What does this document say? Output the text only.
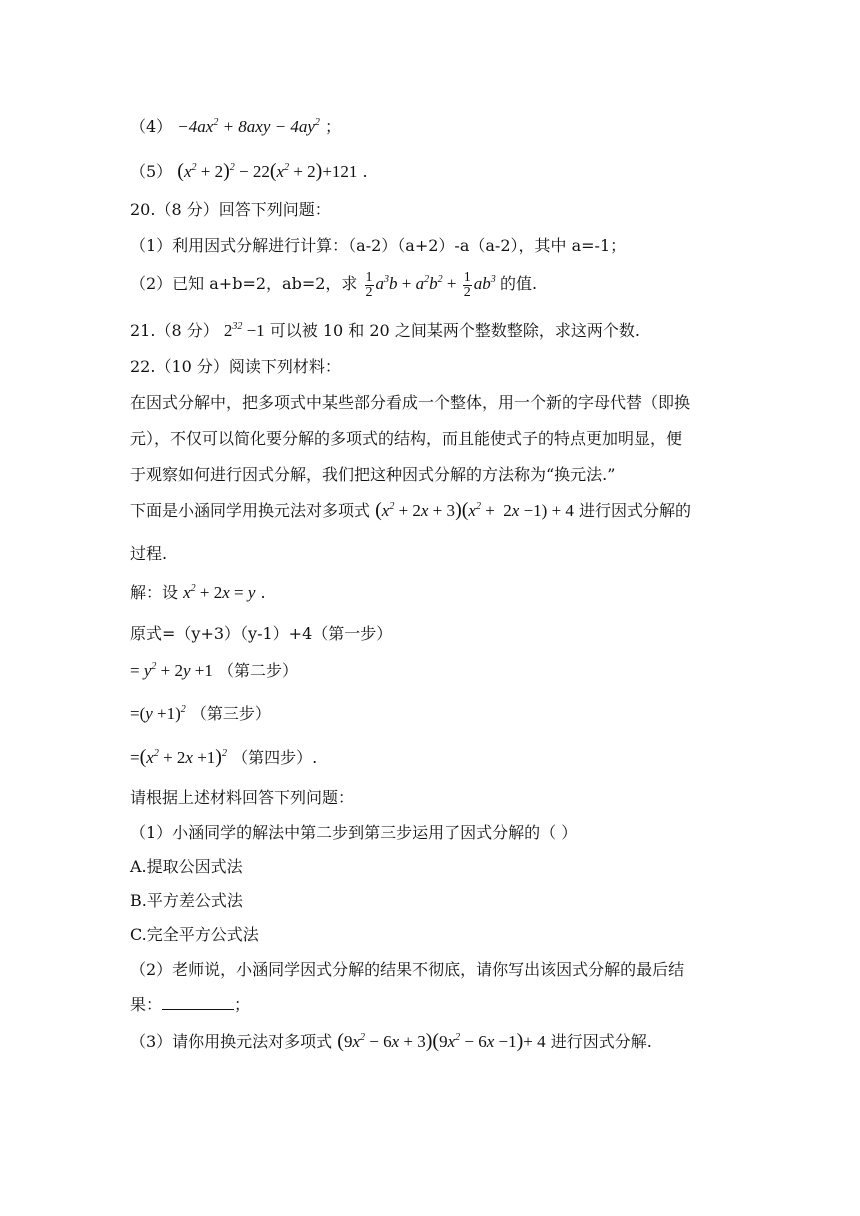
$(4) -4ax^2 + 8axy - 4ay^2$ ；
（5） $(x^2 + 2)^2 - 22(x^2 + 2)+121$ .
20.（8 分）回答下列问题：
（1）利用因式分解进行计算：（a-2）（a+2）-a（a-2），其中 a=-1；
（2）已知 a+b=2，ab=2，求 $\frac{1}{2} a^3b + a^2b^2 + \frac{1}{2} ab^3$ 的值.
21.（8 分） $2^{32} -1$ 可以被 10 和 20 之间某两个整数整除，求这两个数.
22.（10 分）阅读下列材料：
在因式分解中，把多项式中某些部分看成一个整体，用一个新的字母代替（即换
元），不仅可以简化要分解的多项式的结构，而且能使式子的特点更加明显，便
于观察如何进行因式分解，我们把这种因式分解的方法称为“换元法.”
下面是小涵同学用换元法对多项式 $(x^2 + 2x + 3)(x^2 + 2x -1) + 4$ 进行因式分解的
过程.
解：设 $x^2 + 2x = y$ .
原式=（y+3）（y-1）+4（第一步）
= $y^2 + 2y +1$ （第二步）
$=(y +1)^2$ （第三步）
$=(x^2 + 2x +1)^2$ （第四步）.
请根据上述材料回答下列问题：
（1）小涵同学的解法中第二步到第三步运用了因式分解的（ ）
A.提取公因式法
B.平方差公式法
C.完全平方公式法
（2）老师说，小涵同学因式分解的结果不彻底，请你写出该因式分解的最后结
果：	；
（3）请你用换元法对多项式 $(9x^2 - 6x + 3)(9x^2 - 6x -1)+ 4$ 进行因式分解.
